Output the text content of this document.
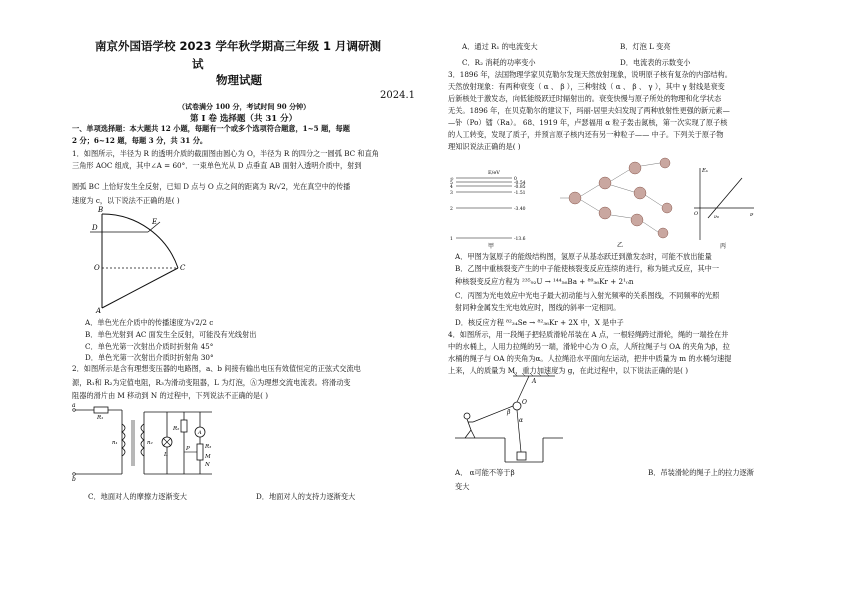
南京外国语学校 2023 学年秋学期高三年级 1 月调研测
试
物理试题
2024.1
（试卷满分 100 分，考试时间 90 分钟）
第 Ⅰ 卷 选择题（共 31 分）
一、单项选择题：本大题共 12 小题，每题有一个或多个选项符合题意，1~5 题，每题
2 分；6~12 题，每题 3 分，共 31 分。
1．如图所示，半径为 R 的透明介质的截面图由圆心为 O，半径为 R 的四分之一圆弧 BC 和直角
三角形 AOC 组成，其中∠A = 60°．一束单色光从 D 点垂直 AB 面射入透明介质中，射到
圆弧 BC 上恰好发生全反射，已知 D 点与 O 点之间的距离为 R/√2，光在真空中的传播
速度为 c，以下说法不正确的是( )
B
D
E
O	C
A
A．单色光在介质中的传播速度为√2/2 c
B．单色光射到 AC 面发生全反射，可能没有光线射出
C．单色光第一次射出介质时折射角 45°
D．单色光第一次射出介质时折射角 30°
2．如图所示是含有理想变压器的电路图，a、b 间接有输出电压有效值恒定的正弦式交流电
源，R₁和 R₂为定值电阻，R₃为滑动变阻器，L 为灯泡，Ⓐ为理想交流电流表。将滑动变
阻器的滑片由 M 移动到 N 的过程中，下列说法不正确的是( )
a
b
R₁
n₁	n₂
L
R₂
A
R₃
M
N
P
C．地面对人的摩擦力逐渐变大	D．地面对人的支持力逐渐变大
A．通过 R₁ 的电流变大	B．灯泡 L 变亮
C．R₂ 消耗的功率变小	D．电流表的示数变小
3．1896 年，法国物理学家贝克勒尔发现天然放射现象，说明原子核有复杂的内部结构。
天然放射现象：有两种衰变（ α 、 β ），三种射线（ α 、 β 、 γ ），其中 γ 射线是衰变
后新核处于激发态，向低能级跃迁时辐射出的。衰变快慢与原子所处的物理和化学状态
无关。1896 年，在贝克勒尔的建议下，玛丽-居里夫妇发现了两种放射性更强的新元素—
—钋（Po）镭（Ra）。 68、1919 年，卢瑟福用 α 粒子轰击氮核，第一次实现了原子核
的人工转变，发现了质子，并预言原子核内还有另一种粒子—— 中子。下列关于原子物
理知识说法正确的是( )
E/eV
∞	0
5	-0.54
4	-0.85
3	-1.51
2	-3.40
1	-13.6
甲	乙
Eₖ
ν
O	ν₀
丙
A．甲图为氢原子的能级结构图，氢原子从基态跃迁到激发态时，可能不放出能量
B．乙图中重核裂变产生的中子能使核裂变反应连续的进行，称为链式反应，其中一
种核裂变反应方程为 ²³⁵₉₂U → ¹⁴⁴₅₆Ba + ⁸⁹₃₆Kr + 2¹₀n
C．丙图为光电效应中光电子最大初动能与入射光频率的关系图线，不同频率的光照
射同种金属发生光电效应时，图线的斜率一定相同。
D．核反应方程 ⁸²₃₄Se → ⁸²₃₆Kr + 2X 中，X 是中子
4．如图所示，用一段绳子把轻质滑轮吊装在 A 点，一根轻绳跨过滑轮，绳的一端拴在井
中的水桶上，人用力拉绳的另一端，滑轮中心为 O 点，人所拉绳子与 OA 的夹角为β，拉
水桶的绳子与 OA 的夹角为α。人拉绳沿水平面向左运动，把井中质量为 m 的水桶匀速提
上来，人的质量为 M，重力加速度为 g，在此过程中，以下说法正确的是( )
A
O
β
α
A． α可能不等于β	B．吊装滑轮的绳子上的拉力逐渐
变大
